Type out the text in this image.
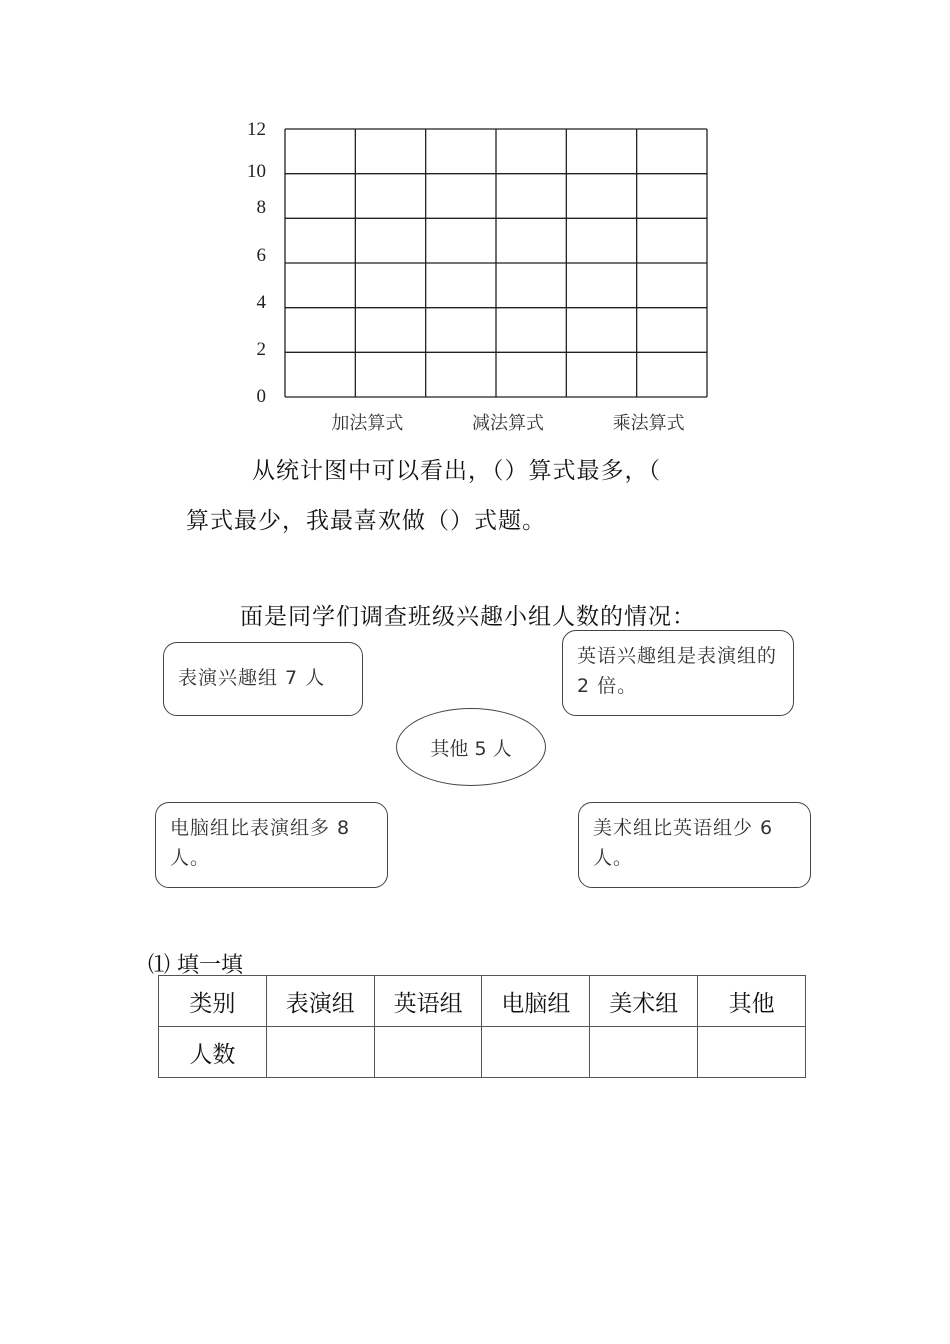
0
2
4
6
8
10
12
加法算式	减法算式	乘法算式
从统计图中可以看出，（）算式最多，（
算式最少，我最喜欢做（）式题。
面是同学们调查班级兴趣小组人数的情况：
表演兴趣组 7 人
英语兴趣组是表演组的 2 倍。
其他 5 人
电脑组比表演组多 8 人。
美术组比英语组少 6 人。
⑴ 填一填
类别	表演组	英语组	电脑组	美术组	其他
人数					
